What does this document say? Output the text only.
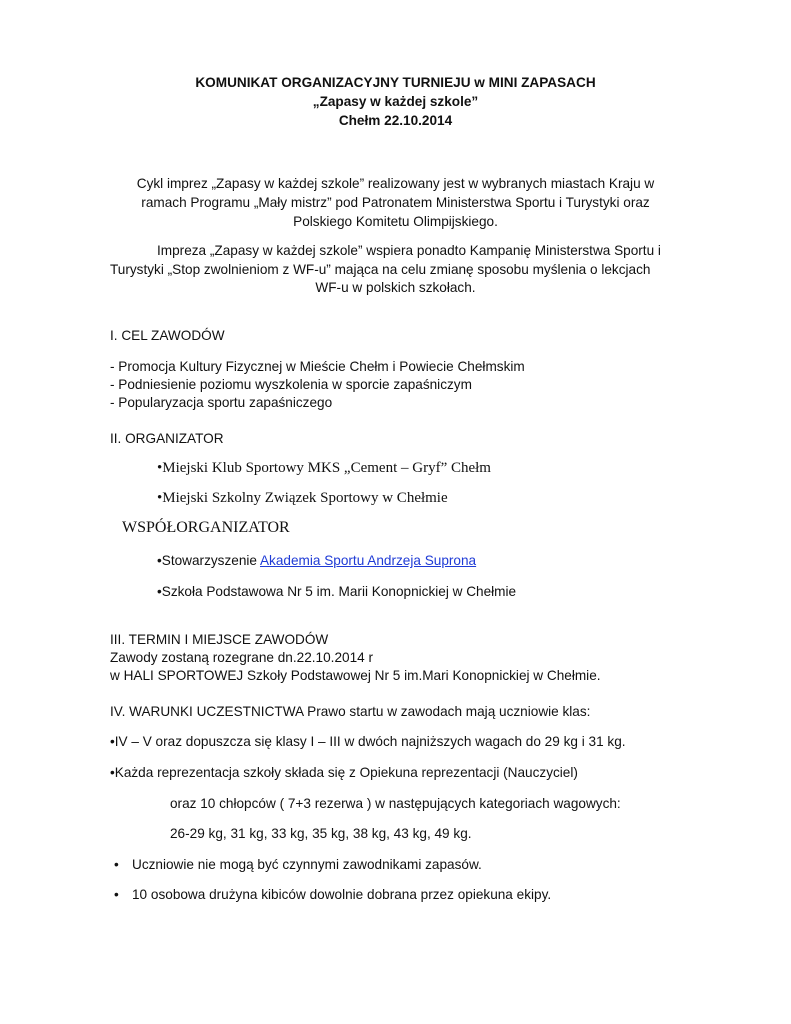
KOMUNIKAT ORGANIZACYJNY TURNIEJU w MINI ZAPASACH
„Zapasy w każdej szkole”
Chełm 22.10.2014
Cykl imprez „Zapasy w każdej szkole” realizowany jest w wybranych miastach Kraju w
ramach Programu „Mały mistrz” pod Patronatem Ministerstwa Sportu i Turystyki oraz
Polskiego Komitetu Olimpijskiego.
Impreza „Zapasy w każdej szkole” wspiera ponadto Kampanię Ministerstwa Sportu i
Turystyki „Stop zwolnieniom z WF-u” mająca na celu zmianę sposobu myślenia o lekcjach
WF-u w polskich szkołach.
I. CEL ZAWODÓW
- Promocja Kultury Fizycznej w Mieście Chełm i Powiecie Chełmskim
- Podniesienie poziomu wyszkolenia w sporcie zapaśniczym
- Popularyzacja sportu zapaśniczego
II. ORGANIZATOR
•Miejski Klub Sportowy MKS „Cement – Gryf” Chełm
•Miejski Szkolny Związek Sportowy w Chełmie
WSPÓŁORGANIZATOR
•Stowarzyszenie Akademia Sportu Andrzeja Suprona
•Szkoła Podstawowa Nr 5 im. Marii Konopnickiej w Chełmie
III. TERMIN I MIEJSCE ZAWODÓW
Zawody zostaną rozegrane dn.22.10.2014 r
w HALI SPORTOWEJ Szkoły Podstawowej Nr 5 im.Mari Konopnickiej w Chełmie.
IV. WARUNKI UCZESTNICTWA Prawo startu w zawodach mają uczniowie klas:
•IV – V oraz dopuszcza się klasy I – III w dwóch najniższych wagach do 29 kg i 31 kg.
•Każda reprezentacja szkoły składa się z Opiekuna reprezentacji (Nauczyciel)
oraz 10 chłopców ( 7+3 rezerwa ) w następujących kategoriach wagowych:
26-29 kg, 31 kg, 33 kg, 35 kg, 38 kg, 43 kg, 49 kg.
• Uczniowie nie mogą być czynnymi zawodnikami zapasów.
• 10 osobowa drużyna kibiców dowolnie dobrana przez opiekuna ekipy.
